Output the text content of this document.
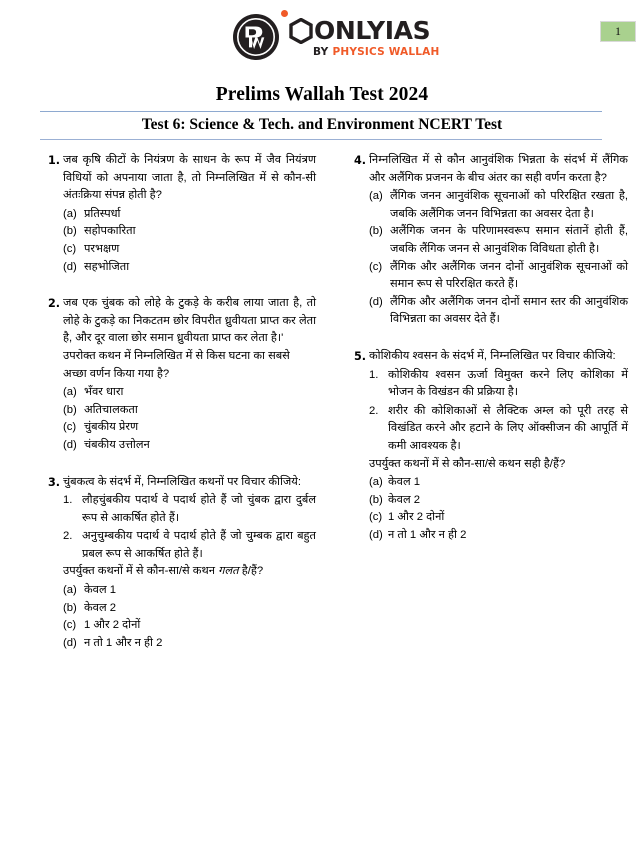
ONLYIAS
BY PHYSICS WALLAH
1
Prelims Wallah Test 2024
Test 6: Science & Tech. and Environment NCERT Test
1. जब कृषि कीटों के नियंत्रण के साधन के रूप में जैव नियंत्रण विधियों को अपनाया जाता है, तो निम्नलिखित में से कौन-सी अंतःक्रिया संपन्न होती है?

(a) प्रतिस्पर्धा
(b) सहोपकारिता
(c) परभक्षण
(d) सहभोजिता
2. जब एक चुंबक को लोहे के टुकड़े के करीब लाया जाता है, तो लोहे के टुकड़े का निकटतम छोर विपरीत ध्रुवीयता प्राप्त कर लेता है, और दूर वाला छोर समान ध्रुवीयता प्राप्त कर लेता है।'

उपरोक्त कथन में निम्नलिखित में से किस घटना का सबसे अच्छा वर्णन किया गया है?

(a) भँवर धारा
(b) अतिचालकता
(c) चुंबकीय प्रेरण
(d) चंबकीय उत्तोलन
3. चुंबकत्व के संदर्भ में, निम्नलिखित कथनों पर विचार कीजिये:

1. लौहचुंबकीय पदार्थ वे पदार्थ होते हैं जो चुंबक द्वारा दुर्बल रूप से आकर्षित होते हैं।
2. अनुचुम्बकीय पदार्थ वे पदार्थ होते हैं जो चुम्बक द्वारा बहुत प्रबल रूप से आकर्षित होते हैं।

उपर्युक्त कथनों में से कौन-सा/से कथन गलत है/हैं?

(a) केवल 1
(b) केवल 2
(c) 1 और 2 दोनों
(d) न तो 1 और न ही 2
4. निम्नलिखित में से कौन आनुवंशिक भिन्नता के संदर्भ में लैंगिक और अलैंगिक प्रजनन के बीच अंतर का सही वर्णन करता है?

(a) लैंगिक जनन आनुवंशिक सूचनाओं को परिरक्षित रखता है, जबकि अलैंगिक जनन विभिन्नता का अवसर देता है।
(b) अलैंगिक जनन के परिणामस्वरूप समान संतानें होती हैं, जबकि लैंगिक जनन से आनुवंशिक विविधता होती है।
(c) लैंगिक और अलैंगिक जनन दोनों आनुवंशिक सूचनाओं को समान रूप से परिरक्षित करते हैं।
(d) लैंगिक और अलैंगिक जनन दोनों समान स्तर की आनुवंशिक विभिन्नता का अवसर देते हैं।
5. कोशिकीय श्वसन के संदर्भ में, निम्नलिखित पर विचार कीजिये:

1. कोशिकीय श्वसन ऊर्जा विमुक्त करने लिए कोशिका में भोजन के विखंडन की प्रक्रिया है।
2. शरीर की कोशिकाओं से लैक्टिक अम्ल को पूरी तरह से विखंडित करने और हटाने के लिए ऑक्सीजन की आपूर्ति में कमी आवश्यक है।

उपर्युक्त कथनों में से कौन-सा/से कथन सही है/हैं?

(a) केवल 1
(b) केवल 2
(c) 1 और 2 दोनों
(d) न तो 1 और न ही 2
